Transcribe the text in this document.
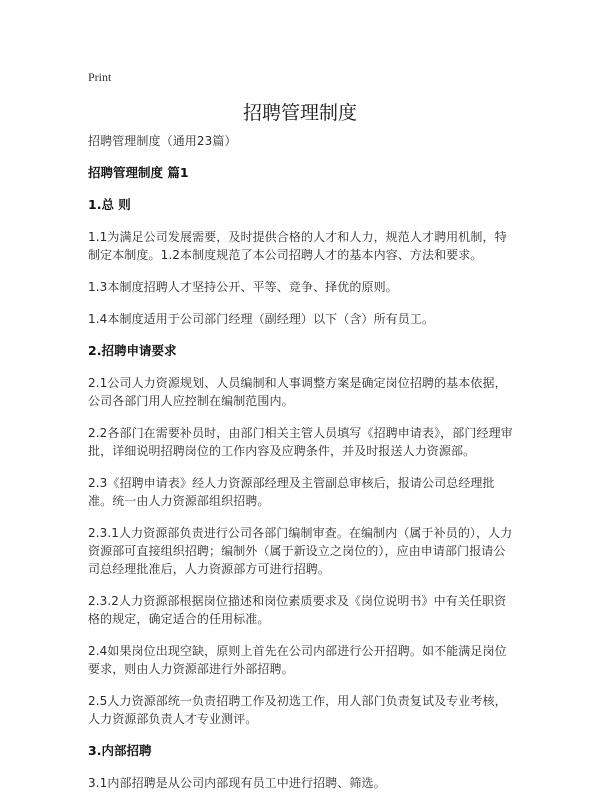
Print
招聘管理制度

招聘管理制度（通用23篇）

招聘管理制度 篇1
1.总 则

1.1为满足公司发展需要，及时提供合格的人才和人力，规范人才聘用机制，特制定本制度。1.2本制度规范了本公司招聘人才的基本内容、方法和要求。

1.3本制度招聘人才坚持公开、平等、竞争、择优的原则。

1.4本制度适用于公司部门经理（副经理）以下（含）所有员工。

2.招聘申请要求

2.1公司人力资源规划、人员编制和人事调整方案是确定岗位招聘的基本依据，公司各部门用人应控制在编制范围内。

2.2各部门在需要补员时，由部门相关主管人员填写《招聘申请表》，部门经理审批，详细说明招聘岗位的工作内容及应聘条件，并及时报送人力资源部。

2.3《招聘申请表》经人力资源部经理及主管副总审核后，报请公司总经理批准。统一由人力资源部组织招聘。

2.3.1人力资源部负责进行公司各部门编制审查。在编制内（属于补员的），人力资源部可直接组织招聘；编制外（属于新设立之岗位的），应由申请部门报请公司总经理批准后，人力资源部方可进行招聘。

2.3.2人力资源部根据岗位描述和岗位素质要求及《岗位说明书》中有关任职资格的规定，确定适合的任用标准。

2.4如果岗位出现空缺，原则上首先在公司内部进行公开招聘。如不能满足岗位要求，则由人力资源部进行外部招聘。

2.5人力资源部统一负责招聘工作及初选工作，用人部门负责复试及专业考核，人力资源部负责人才专业测评。

3.内部招聘

3.1内部招聘是从公司内部现有员工中进行招聘、筛选。
